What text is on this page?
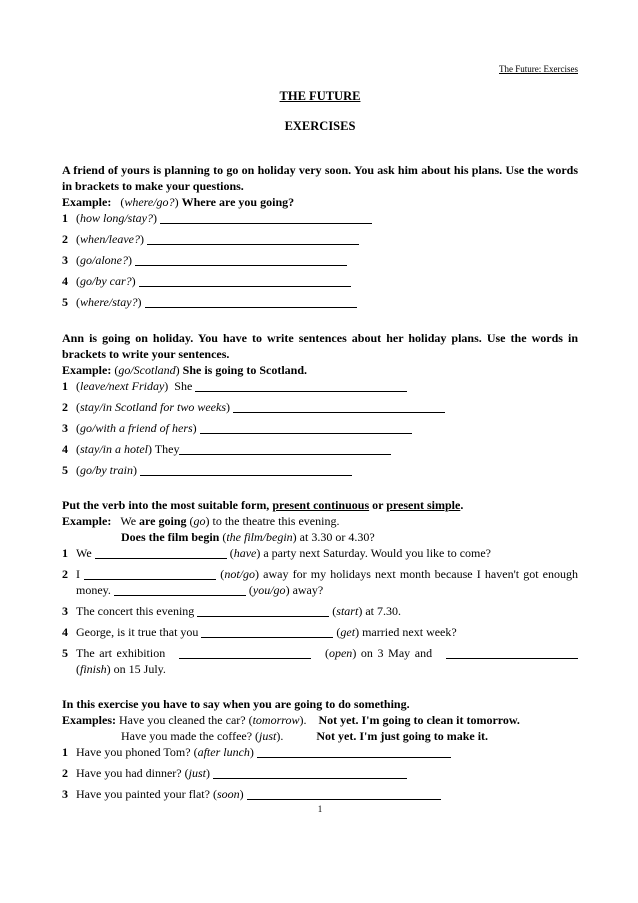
The Future: Exercises
THE FUTURE
EXERCISES

A friend of yours is planning to go on holiday very soon. You ask him about his plans. Use the words in brackets to make your questions.

Example:   (where/go?) Where are you going?

1 (how long/stay?)
2 (when/leave?)
3 (go/alone?)
4 (go/by car?)
5 (where/stay?)

Ann is going on holiday. You have to write sentences about her holiday plans. Use the words in brackets to write your sentences.

Example: (go/Scotland) She is going to Scotland.

1 (leave/next Friday)  She
2 (stay/in Scotland for two weeks)
3 (go/with a friend of hers)
4 (stay/in a hotel) They
5 (go/by train)

Put the verb into the most suitable form, present continuous or present simple.

Example: We are going (go) to the theatre this evening.

Does the film begin (the film/begin) at 3.30 or 4.30?

1 We	(have) a party next Saturday. Would you like to come?
2 I	(not/go) away for my holidays next month because I haven't got enough money.	(you/go) away?
3 The concert this evening	(start) at 7.30.
4 George, is it true that you	(get) married next week?
5 The art exhibition	(open) on 3 May and    (finish) on 15 July.

In this exercise you have to say when you are going to do something.

Examples: Have you cleaned the car? (tomorrow). Not yet. I'm going to clean it tomorrow.

Have you made the coffee? (just).	Not yet. I'm just going to make it.

1 Have you phoned Tom? (after lunch)
2 Have you had dinner? (just)
3 Have you painted your flat? (soon)
1
